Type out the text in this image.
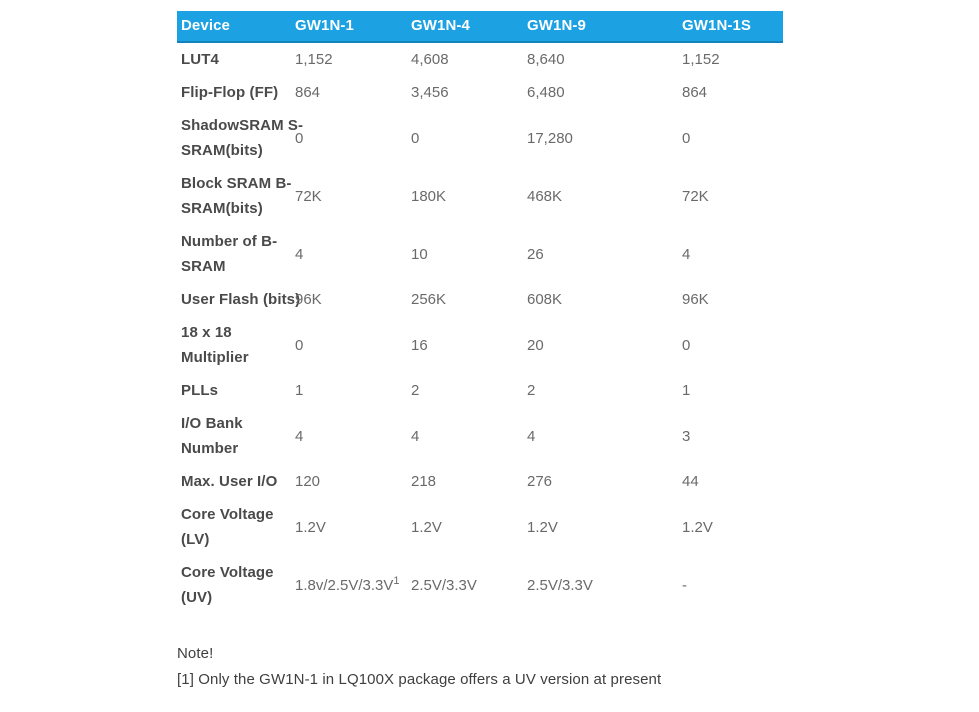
Device	GW1N-1	GW1N-4	GW1N-9	GW1N-1S

LUT4	1,152	4,608	8,640	1,152

Flip-Flop (FF)	864	3,456	6,480	864

ShadowSRAM S-
SRAM(bits)	0	0	17,280	0

Block SRAM B-
SRAM(bits)	72K	180K	468K	72K

Number of B-
SRAM	4	10	26	4

User Flash (bits)	96K	256K	608K	96K

18 x 18
Multiplier	0	16	20	0

PLLs	1	2	2	1

I/O Bank
Number	4	4	4	3

Max. User I/O	120	218	276	44

Core Voltage
(LV)	1.2V	1.2V	1.2V	1.2V

Core Voltage
(UV)	$1.8v/2.5V/3.3V^1$	2.5V/3.3V	2.5V/3.3V	-
Note!
[1] Only the GW1N-1 in LQ100X package offers a UV version at present
